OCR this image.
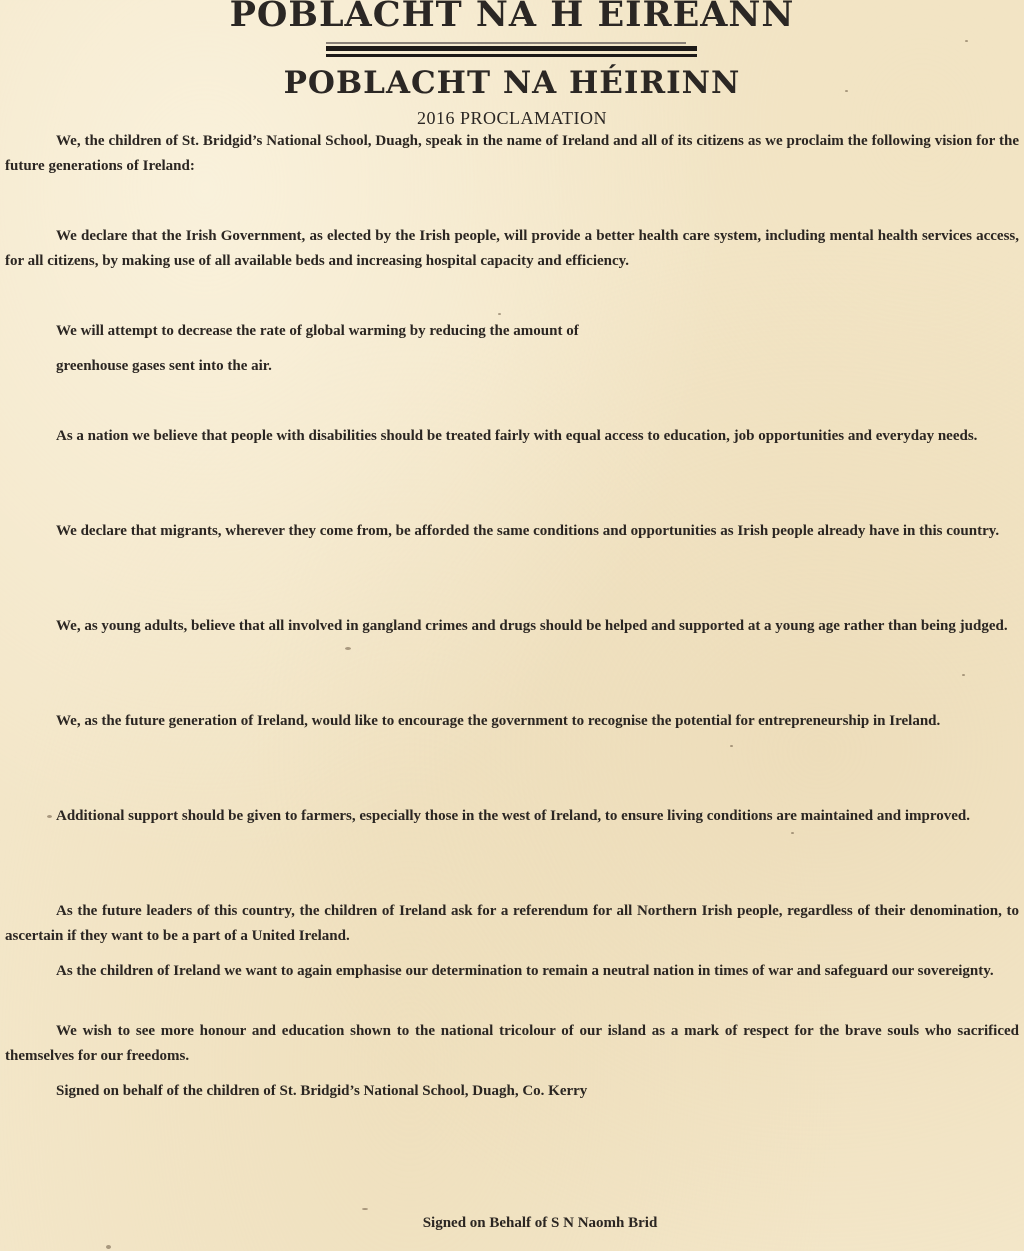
POBLACHT NA H EIREANN
POBLACHT NA HÉIRINN
2016 PROCLAMATION

We, the children of St. Bridgid’s National School, Duagh, speak in the name of Ireland and all of its citizens as we proclaim the following vision for the future generations of Ireland:

We declare that the Irish Government, as elected by the Irish people, will provide a better health care system, including mental health services access, for all citizens, by making use of all available beds and increasing hospital capacity and efficiency.

We will attempt to decrease the rate of global warming by reducing the amount of

greenhouse gases sent into the air.

As a nation we believe that people with disabilities should be treated fairly with equal access to education, job opportunities and everyday needs.

We declare that migrants, wherever they come from, be afforded the same conditions and opportunities as Irish people already have in this country.

We, as young adults, believe that all involved in gangland crimes and drugs should be helped and supported at a young age rather than being judged.

We, as the future generation of Ireland, would like to encourage the government to recognise the potential for entrepreneurship in Ireland.

Additional support should be given to farmers, especially those in the west of Ireland, to ensure living conditions are maintained and improved.

As the future leaders of this country, the children of Ireland ask for a referendum for all Northern Irish people, regardless of their denomination, to ascertain if they want to be a part of a United Ireland.

As the children of Ireland we want to again emphasise our determination to remain a neutral nation in times of war and safeguard our sovereignty.

We wish to see more honour and education shown to the national tricolour of our island as a mark of respect for the brave souls who sacrificed themselves for our freedoms.

Signed on behalf of the children of St. Bridgid’s National School, Duagh, Co. Kerry

Signed on Behalf of S N Naomh Brid
